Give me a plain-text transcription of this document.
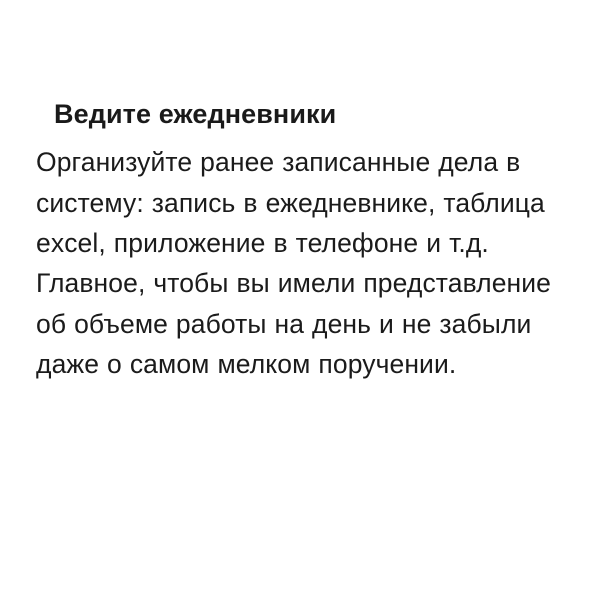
Ведите ежедневники

Организуйте ранее записанные дела в систему: запись в ежедневнике, таблица excel, приложение в телефоне и т.д. Главное, чтобы вы имели представление об объеме работы на день и не забыли даже о самом мелком поручении.
